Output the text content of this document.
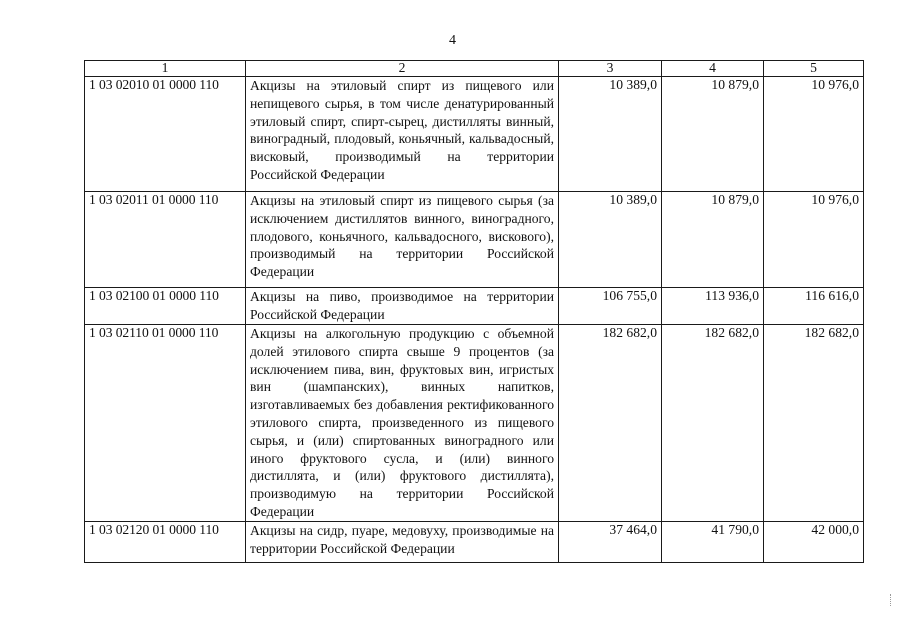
4
1	2	3	4	5
1 03 02010 01 0000 110	Акцизы на этиловый спирт из пищевого или непищевого сырья, в том числе денатурированный этиловый спирт, спирт-сырец, дистилляты винный, виноградный, плодовый, коньячный, кальвадосный, висковый, производимый на территории Российской Федерации	10 389,0	10 879,0	10 976,0
1 03 02011 01 0000 110	Акцизы на этиловый спирт из пищевого сырья (за исключением дистиллятов винного, виноградного, плодового, коньячного, кальвадосного, вискового), производимый на территории Российской Федерации	10 389,0	10 879,0	10 976,0
1 03 02100 01 0000 110	Акцизы на пиво, производимое на территории Российской Федерации	106 755,0	113 936,0	116 616,0
1 03 02110 01 0000 110	Акцизы на алкогольную продукцию с объемной долей этилового спирта свыше 9 процентов (за исключением пива, вин, фруктовых вин, игристых вин (шампанских), винных напитков, изготавливаемых без добавления ректификованного этилового спирта, произведенного из пищевого сырья, и (или) спиртованных виноградного или иного фруктового сусла, и (или) винного дистиллята, и (или) фруктового дистиллята), производимую на территории Российской Федерации	182 682,0	182 682,0	182 682,0
1 03 02120 01 0000 110	Акцизы на сидр, пуаре, медовуху, производимые на территории Российской Федерации	37 464,0	41 790,0	42 000,0
